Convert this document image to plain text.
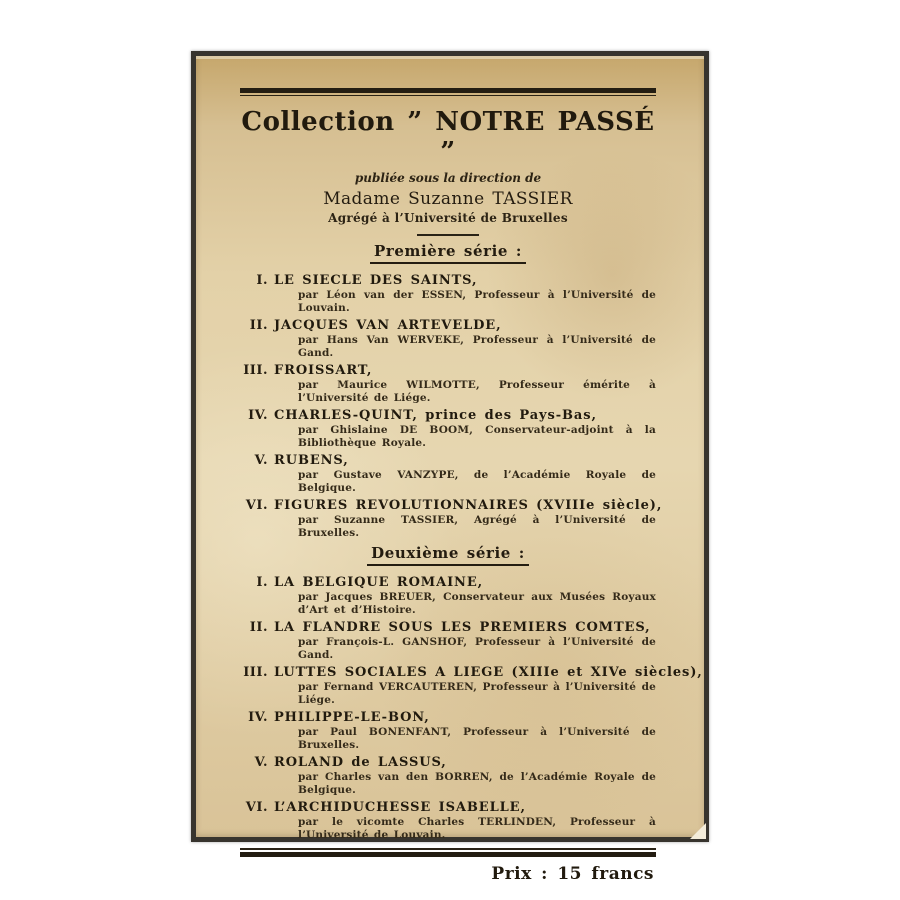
Collection ” NOTRE PASSÉ ”
publiée sous la direction de
Madame Suzanne TASSIER
Agrégé à l’Université de Bruxelles
Première série :
I. LE SIECLE DES SAINTS,
par Léon van der ESSEN, Professeur à l’Université de Louvain.
II. JACQUES VAN ARTEVELDE,
par Hans Van WERVEKE, Professeur à l’Université de Gand.
III. FROISSART,
par Maurice WILMOTTE, Professeur émérite à l’Université de Liége.
IV. CHARLES-QUINT, prince des Pays-Bas,
par Ghislaine DE BOOM, Conservateur-adjoint à la Bibliothèque Royale.
V. RUBENS,
par Gustave VANZYPE, de l’Académie Royale de Belgique.
VI. FIGURES REVOLUTIONNAIRES (XVIIIe siècle),
par Suzanne TASSIER, Agrégé à l’Université de Bruxelles.
Deuxième série :
I. LA BELGIQUE ROMAINE,
par Jacques BREUER, Conservateur aux Musées Royaux d’Art et d’Histoire.
II. LA FLANDRE SOUS LES PREMIERS COMTES,
par François-L. GANSHOF, Professeur à l’Université de Gand.
III. LUTTES SOCIALES A LIEGE (XIIIe et XIVe siècles),
par Fernand VERCAUTEREN, Professeur à l’Université de Liége.
IV. PHILIPPE-LE-BON,
par Paul BONENFANT, Professeur à l’Université de Bruxelles.
V. ROLAND de LASSUS,
par Charles van den BORREN, de l’Académie Royale de Belgique.
VI. L’ARCHIDUCHESSE ISABELLE,
par le vicomte Charles TERLINDEN, Professeur à l’Université de Louvain.
Prix : 15 francs
